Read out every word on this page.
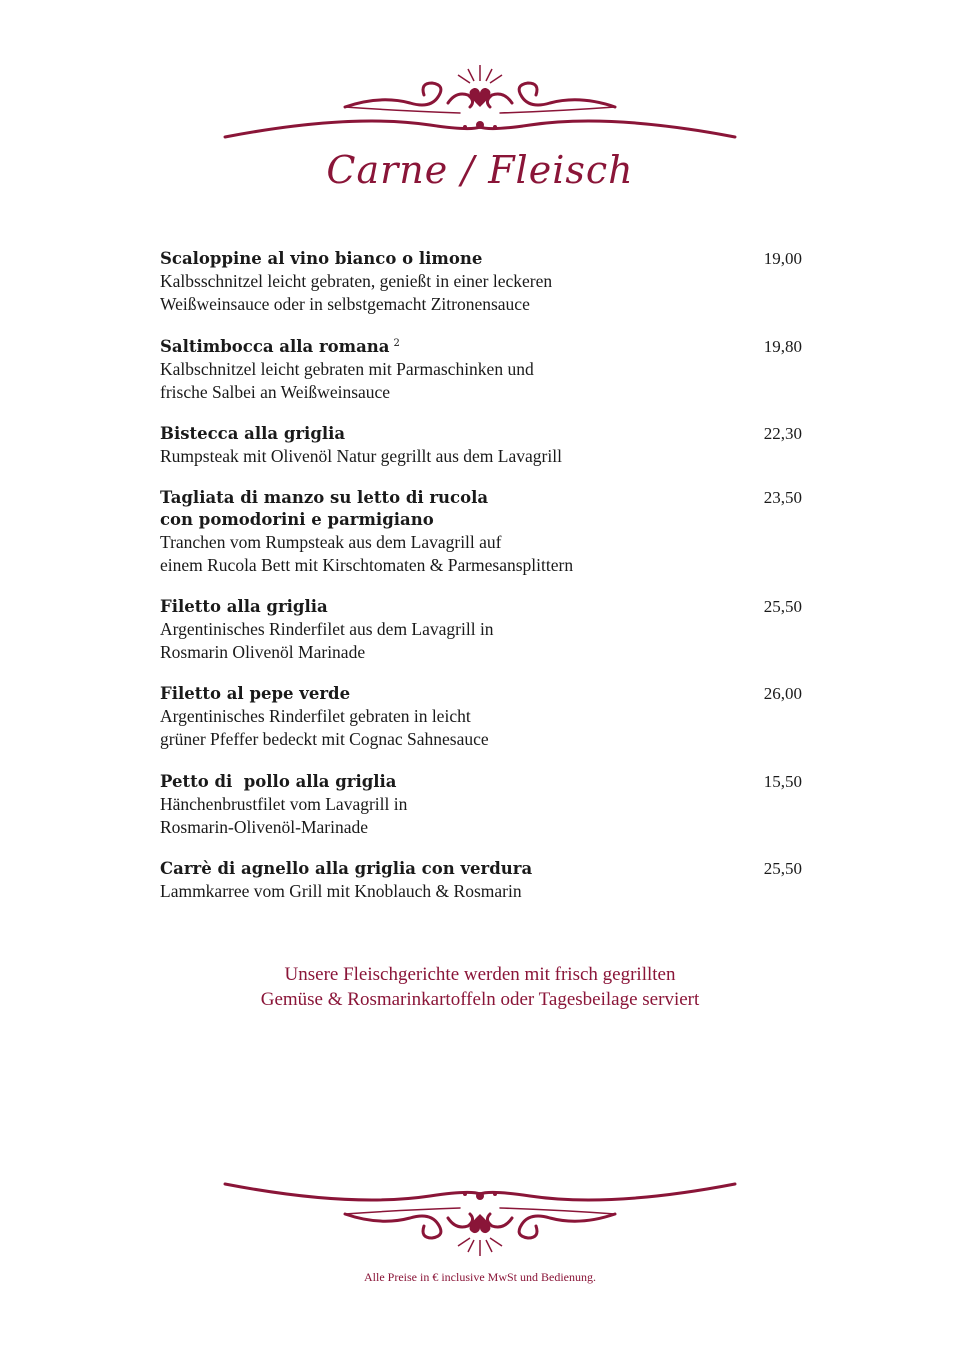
Carne / Fleisch
Scaloppine al vino bianco o limone	19,00
Kalbsschnitzel leicht gebraten, genießt in einer leckeren
Weißweinsauce oder in selbstgemacht Zitronensauce
Saltimbocca alla romana $^2$	19,80
Kalbschnitzel leicht gebraten mit Parmaschinken und
frische Salbei an Weißweinsauce
Bistecca alla griglia	22,30
Rumpsteak mit Olivenöl Natur gegrillt aus dem Lavagrill
Tagliata di manzo su letto di rucola	23,50
con pomodorini e parmigiano
Tranchen vom Rumpsteak aus dem Lavagrill auf
einem Rucola Bett mit Kirschtomaten & Parmesansplittern
Filetto alla griglia	25,50
Argentinisches Rinderfilet aus dem Lavagrill in
Rosmarin Olivenöl Marinade
Filetto al pepe verde	26,00
Argentinisches Rinderfilet gebraten in leicht
grüner Pfeffer bedeckt mit Cognac Sahnesauce
Petto di  pollo alla griglia	15,50
Hänchenbrustfilet vom Lavagrill in
Rosmarin-Olivenöl-Marinade
Carrè di agnello alla griglia con verdura	25,50
Lammkarree vom Grill mit Knoblauch & Rosmarin
Unsere Fleischgerichte werden mit frisch gegrillten
Gemüse & Rosmarinkartoffeln oder Tagesbeilage serviert
Alle Preise in € inclusive MwSt und Bedienung.
